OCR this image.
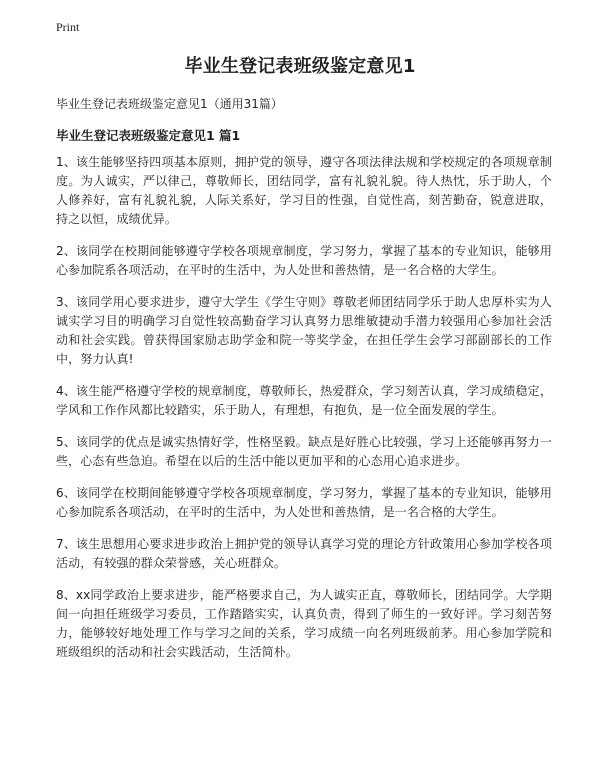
Print
毕业生登记表班级鉴定意见1
毕业生登记表班级鉴定意见1（通用31篇）
毕业生登记表班级鉴定意见1 篇1

1、该生能够坚持四项基本原则，拥护党的领导，遵守各项法律法规和学校规定的各项规章制度。为人诚实，严以律己，尊敬师长，团结同学，富有礼貌礼貌。待人热忱，乐于助人，个人修养好，富有礼貌礼貌，人际关系好，学习目的性强，自觉性高，刻苦勤奋，锐意进取，持之以恒，成绩优异。

2、该同学在校期间能够遵守学校各项规章制度，学习努力，掌握了基本的专业知识，能够用心参加院系各项活动，在平时的生活中，为人处世和善热情，是一名合格的大学生。

3、该同学用心要求进步，遵守大学生《学生守则》尊敬老师团结同学乐于助人忠厚朴实为人诚实学习目的明确学习自觉性较高勤奋学习认真努力思维敏捷动手潜力较强用心参加社会活动和社会实践。曾获得国家励志助学金和院一等奖学金，在担任学生会学习部副部长的工作中，努力认真!

4、该生能严格遵守学校的规章制度，尊敬师长，热爱群众，学习刻苦认真，学习成绩稳定，学风和工作作风都比较踏实，乐于助人，有理想，有抱负，是一位全面发展的学生。

5、该同学的优点是诚实热情好学，性格坚毅。缺点是好胜心比较强，学习上还能够再努力一些，心态有些急迫。希望在以后的生活中能以更加平和的心态用心追求进步。

6、该同学在校期间能够遵守学校各项规章制度，学习努力，掌握了基本的专业知识，能够用心参加院系各项活动，在平时的生活中，为人处世和善热情，是一名合格的大学生。

7、该生思想用心要求进步政治上拥护党的领导认真学习党的理论方针政策用心参加学校各项活动，有较强的群众荣誉感，关心班群众。

8、xx同学政治上要求进步，能严格要求自己，为人诚实正直，尊敬师长，团结同学。大学期间一向担任班级学习委员，工作踏踏实实，认真负责，得到了师生的一致好评。学习刻苦努力，能够较好地处理工作与学习之间的关系，学习成绩一向名列班级前茅。用心参加学院和班级组织的活动和社会实践活动，生活简朴。
